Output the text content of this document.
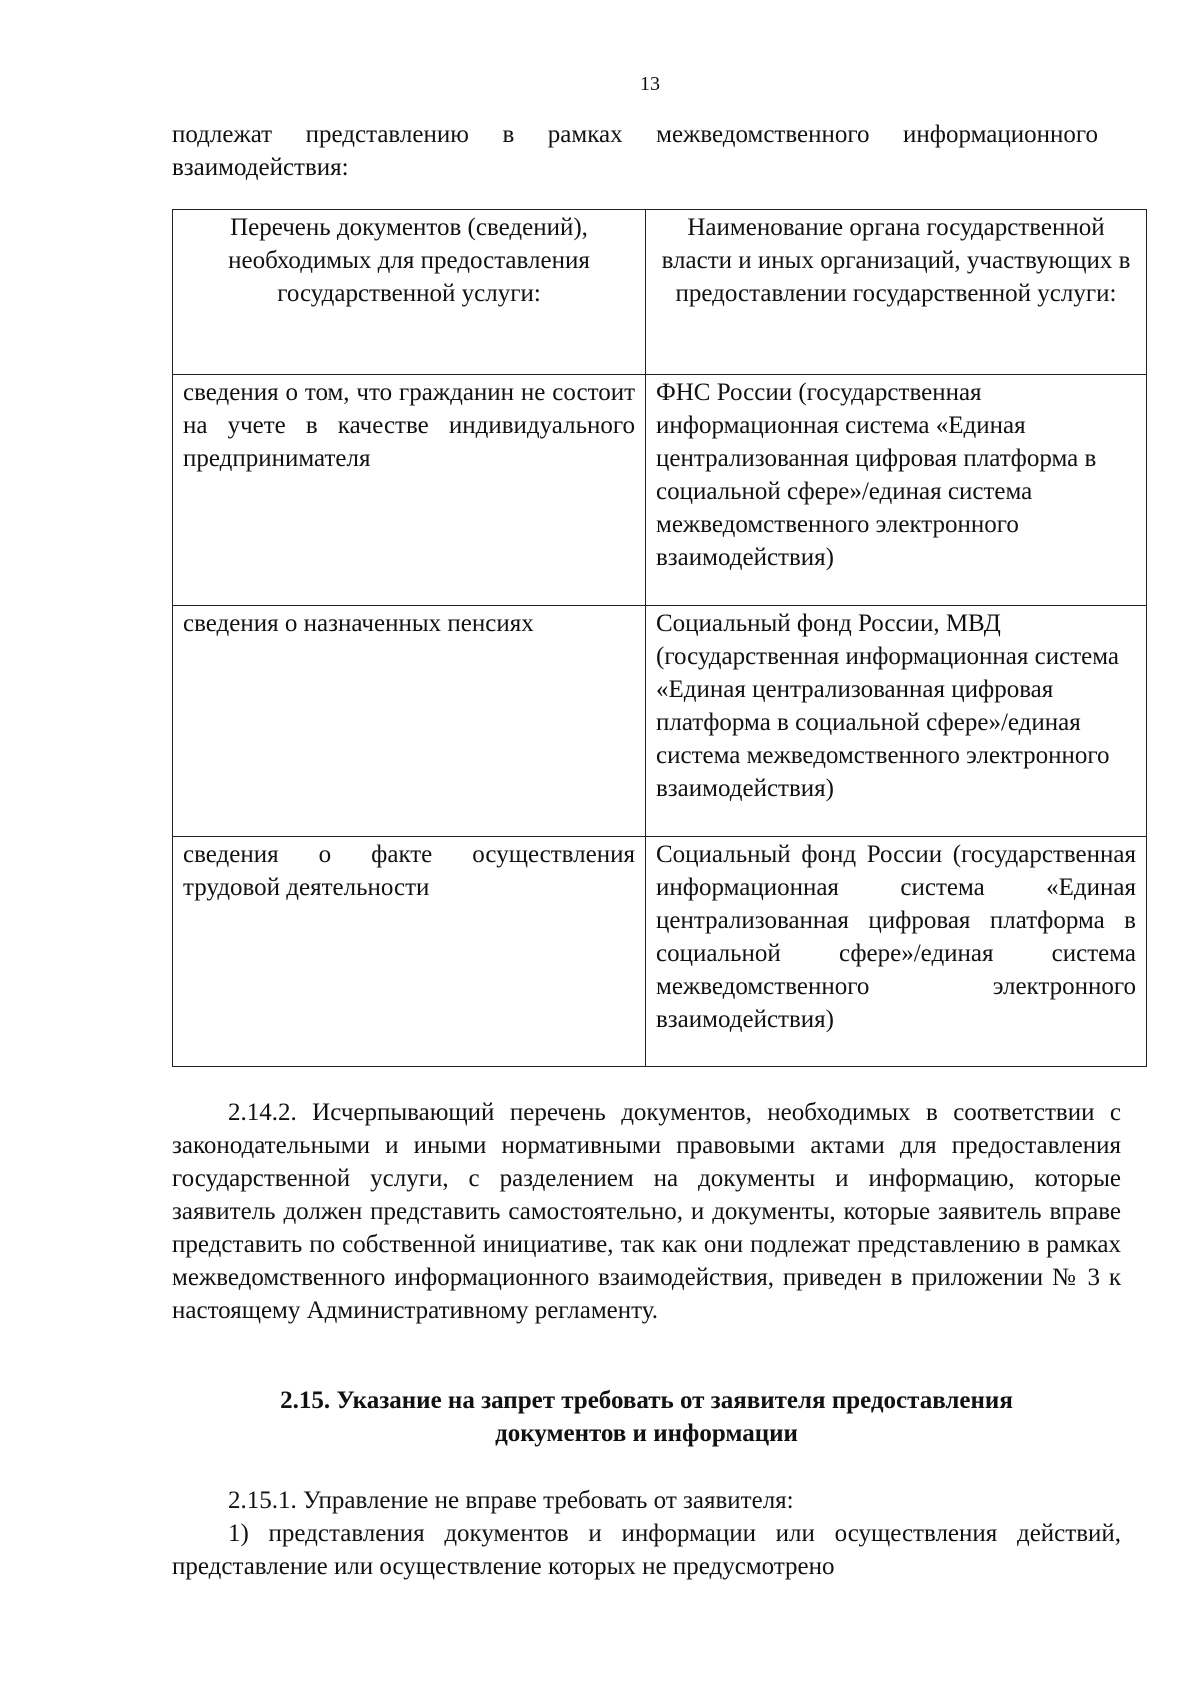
13
подлежат представлению в рамках межведомственного информационного взаимодействия:
Перечень документов (сведений), необходимых для предоставления государственной услуги:	Наименование органа государственной власти и иных организаций, участвующих в предоставлении государственной услуги:
сведения о том, что гражданин не состоит на учете в качестве индивидуального предпринимателя	ФНС России (государственная информационная система «Единая централизованная цифровая платформа в социальной сфере»/единая система межведомственного электронного взаимодействия)
сведения о назначенных пенсиях	Социальный фонд России, МВД (государственная информационная система «Единая централизованная цифровая платформа в социальной сфере»/единая система межведомственного электронного взаимодействия)
сведения о факте осуществления трудовой деятельности	Социальный фонд России (государственная информационная система «Единая централизованная цифровая платформа в социальной сфере»/единая система межведомственного электронного взаимодействия)
2.14.2. Исчерпывающий перечень документов, необходимых в соответствии с законодательными и иными нормативными правовыми актами для предоставления государственной услуги, с разделением на документы и информацию, которые заявитель должен представить самостоятельно, и документы, которые заявитель вправе представить по собственной инициативе, так как они подлежат представлению в рамках межведомственного информационного взаимодействия, приведен в приложении № 3 к настоящему Административному регламенту.
2.15. Указание на запрет требовать от заявителя предоставления
документов и информации
2.15.1. Управление не вправе требовать от заявителя:
1) представления документов и информации или осуществления действий, представление или осуществление которых не предусмотрено
